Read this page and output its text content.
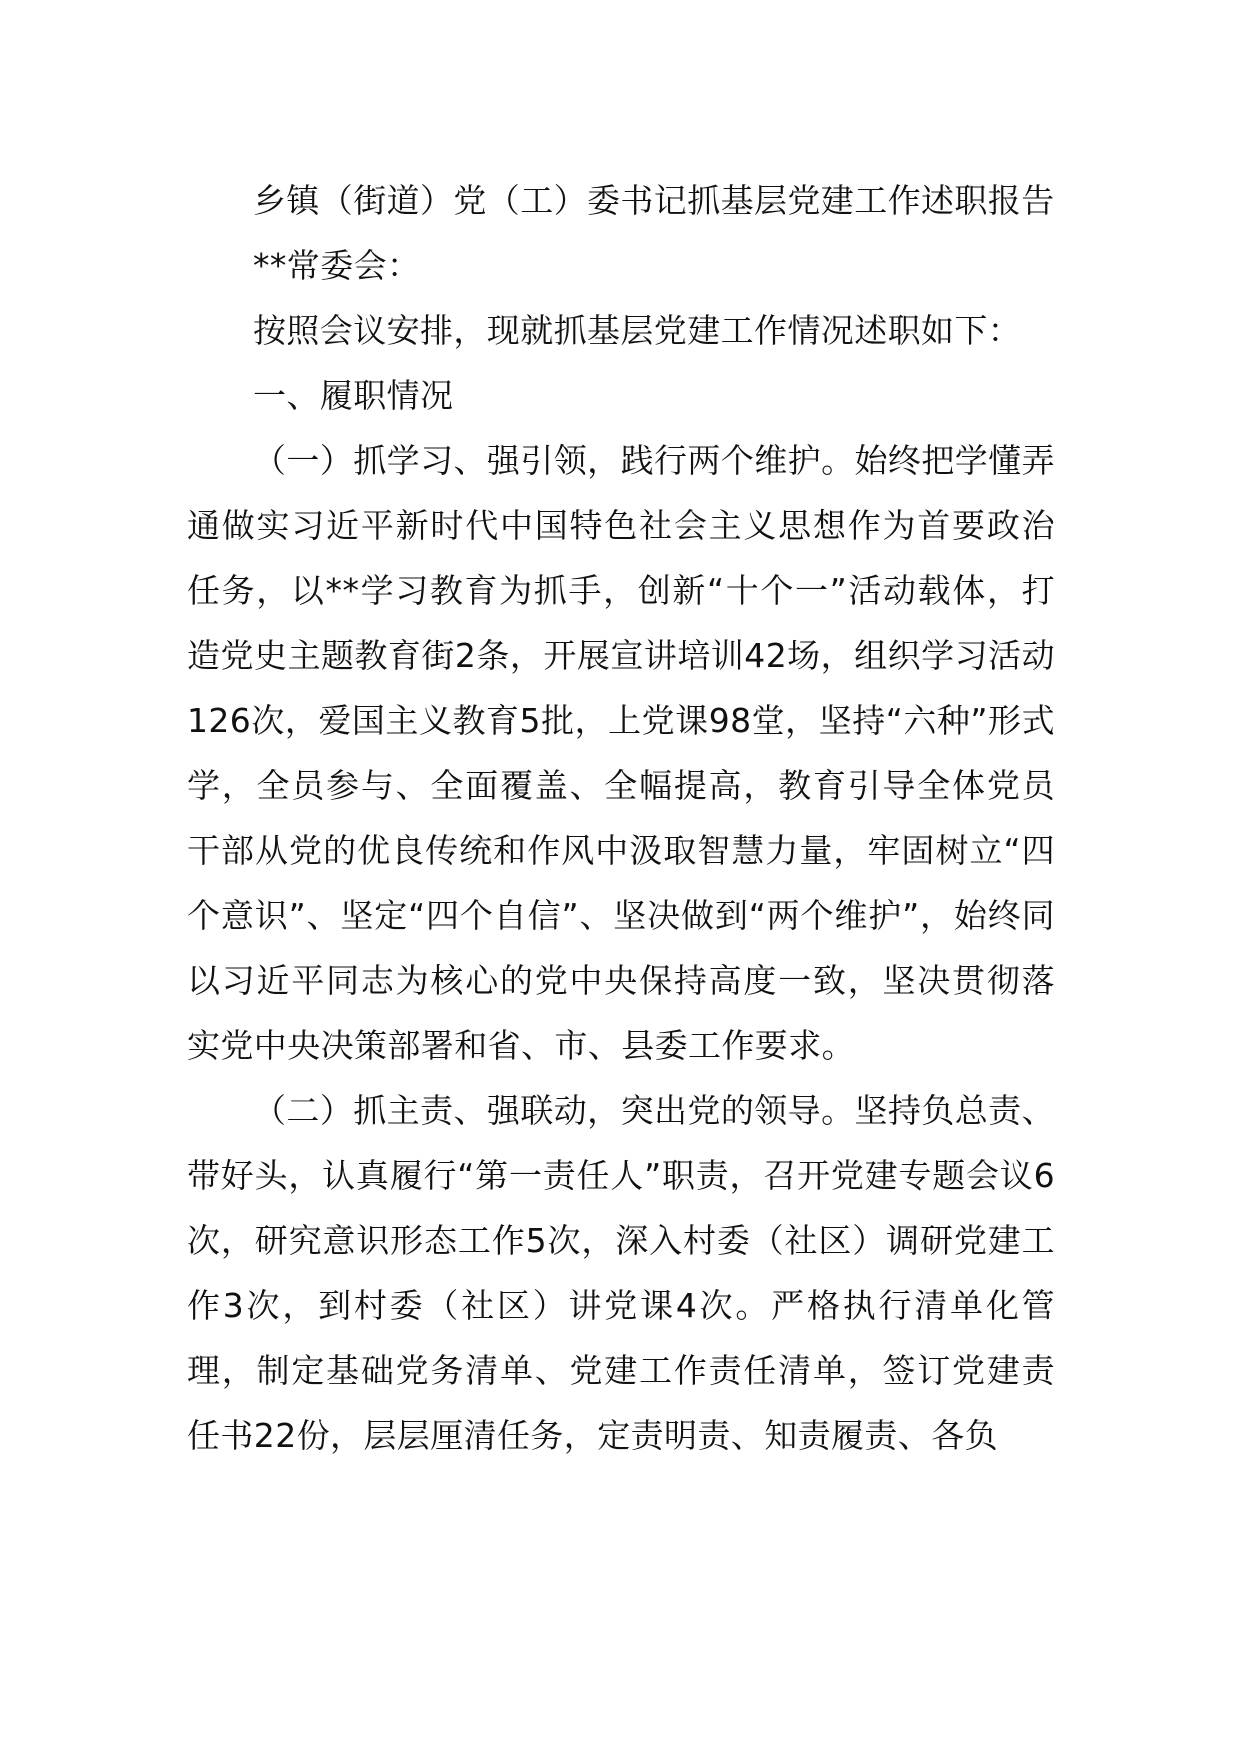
乡镇（街道）党（工）委书记抓基层党建工作述职报告

**常委会：

按照会议安排，现就抓基层党建工作情况述职如下：

一、履职情况

（一）抓学习、强引领，践行两个维护。始终把学懂弄通做实习近平新时代中国特色社会主义思想作为首要政治任务，以**学习教育为抓手，创新“十个一”活动载体，打造党史主题教育街2条，开展宣讲培训42场，组织学习活动126次，爱国主义教育5批，上党课98堂，坚持“六种”形式学，全员参与、全面覆盖、全幅提高，教育引导全体党员干部从党的优良传统和作风中汲取智慧力量，牢固树立“四个意识”、坚定“四个自信”、坚决做到“两个维护”，始终同以习近平同志为核心的党中央保持高度一致，坚决贯彻落实党中央决策部署和省、市、县委工作要求。

（二）抓主责、强联动，突出党的领导。坚持负总责、带好头，认真履行“第一责任人”职责，召开党建专题会议6次，研究意识形态工作5次，深入村委（社区）调研党建工作3次，到村委（社区）讲党课4次。严格执行清单化管理，制定基础党务清单、党建工作责任清单，签订党建责任书22份，层层厘清任务，定责明责、知责履责、各负
